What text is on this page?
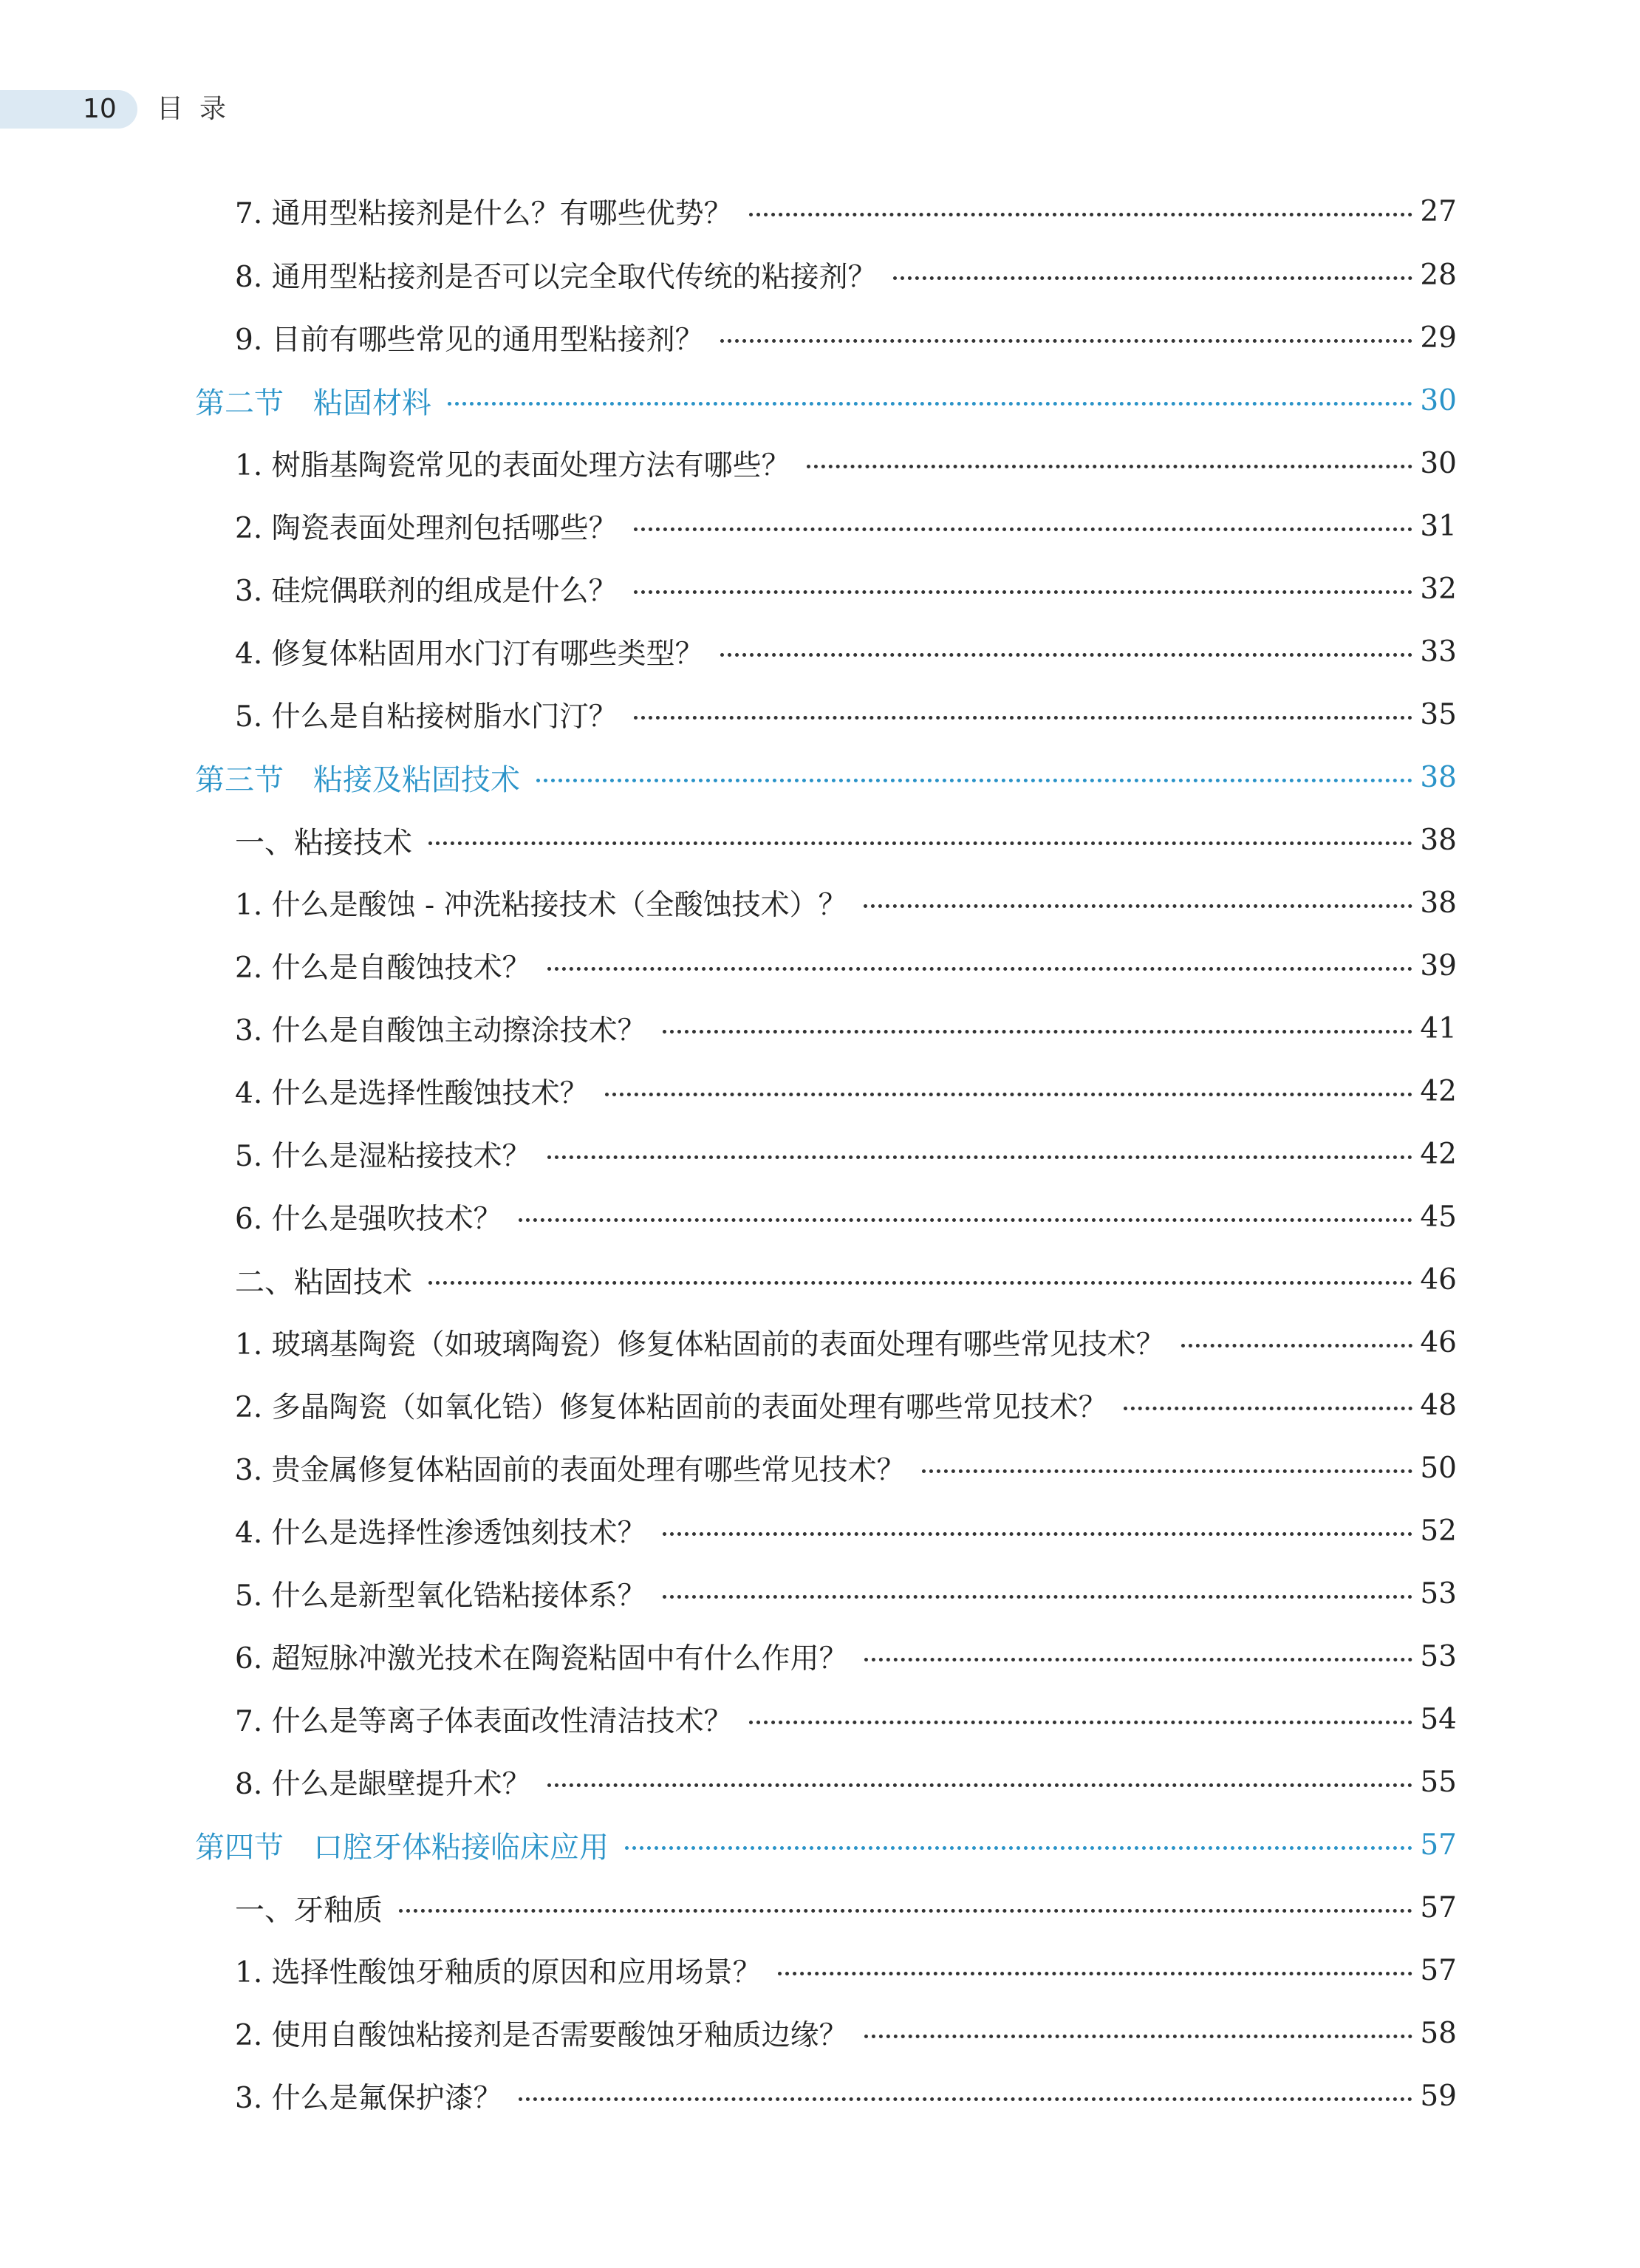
10 目录
7. 通用型粘接剂是什么？有哪些优势？	27
8. 通用型粘接剂是否可以完全取代传统的粘接剂？	28
9. 目前有哪些常见的通用型粘接剂？	29
第二节　粘固材料	30
1. 树脂基陶瓷常见的表面处理方法有哪些？	30
2. 陶瓷表面处理剂包括哪些？	31
3. 硅烷偶联剂的组成是什么？	32
4. 修复体粘固用水门汀有哪些类型？	33
5. 什么是自粘接树脂水门汀？	35
第三节　粘接及粘固技术	38
一、粘接技术	38
1. 什么是酸蚀 - 冲洗粘接技术（全酸蚀技术）？	38
2. 什么是自酸蚀技术？	39
3. 什么是自酸蚀主动擦涂技术？	41
4. 什么是选择性酸蚀技术？	42
5. 什么是湿粘接技术？	42
6. 什么是强吹技术？	45
二、粘固技术	46
1. 玻璃基陶瓷（如玻璃陶瓷）修复体粘固前的表面处理有哪些常见技术？	46
2. 多晶陶瓷（如氧化锆）修复体粘固前的表面处理有哪些常见技术？	48
3. 贵金属修复体粘固前的表面处理有哪些常见技术？	50
4. 什么是选择性渗透蚀刻技术？	52
5. 什么是新型氧化锆粘接体系？	53
6. 超短脉冲激光技术在陶瓷粘固中有什么作用？	53
7. 什么是等离子体表面改性清洁技术？	54
8. 什么是龈壁提升术？	55
第四节　口腔牙体粘接临床应用	57
一、牙釉质	57
1. 选择性酸蚀牙釉质的原因和应用场景？	57
2. 使用自酸蚀粘接剂是否需要酸蚀牙釉质边缘？	58
3. 什么是氟保护漆？	59
